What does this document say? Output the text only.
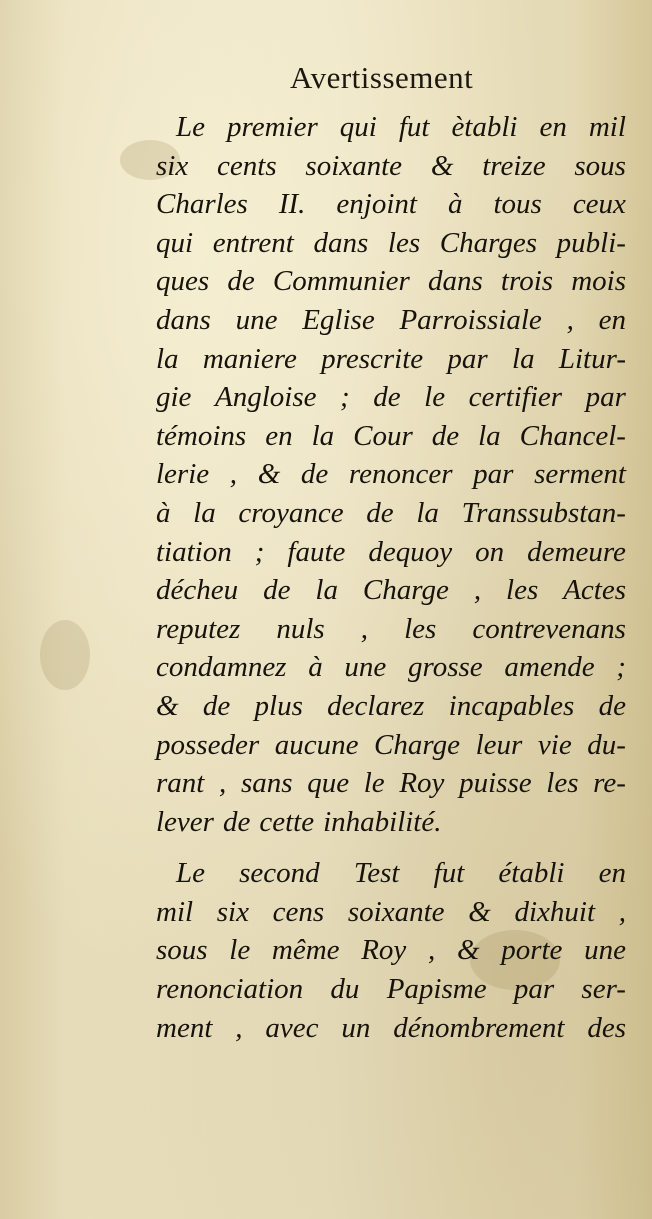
Avertissement
Le premier qui fut ètabli en mil
six cents soixante & treize sous
Charles II. enjoint à tous ceux
qui entrent dans les Charges publi-
ques de Communier dans trois mois
dans une Eglise Parroissiale , en
la maniere prescrite par la Litur-
gie Angloise ; de le certifier par
témoins en la Cour de la Chancel-
lerie , & de renoncer par serment
à la croyance de la Transsubstan-
tiation ; faute dequoy on demeure
décheu de la Charge , les Actes
reputez nuls , les contrevenans
condamnez à une grosse amende ;
& de plus declarez incapables de
posseder aucune Charge leur vie du-
rant , sans que le Roy puisse les re-
lever de cette inhabilité.
Le second Test fut établi en
mil six cens soixante & dixhuit ,
sous le même Roy , & porte une
renonciation du Papisme par ser-
ment , avec un dénombrement des
